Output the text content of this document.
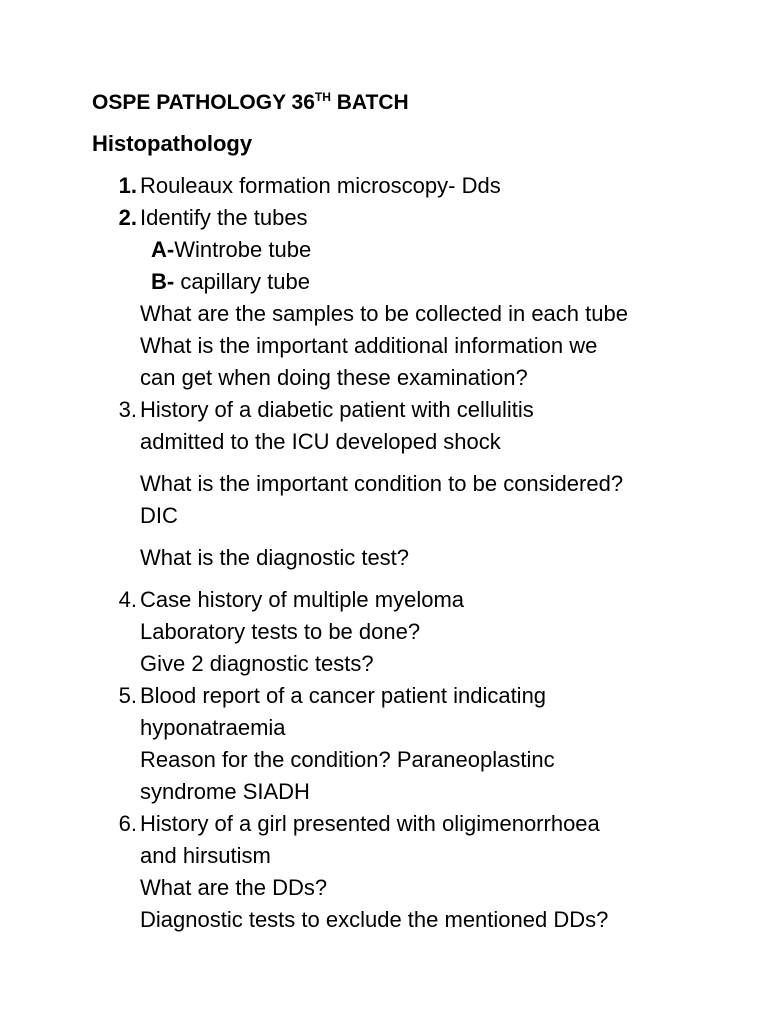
OSPE PATHOLOGY 36TH BATCH
Histopathology
1. Rouleaux formation microscopy- Dds
2. Identify the tubes
A-Wintrobe tube
B- capillary tube
What are the samples to be collected in each tube
What is the important additional information we
can get when doing these examination?
3. History of a diabetic patient with cellulitis
admitted to the ICU developed shock
What is the important condition to be considered?
DIC
What is the diagnostic test?
4. Case history of multiple myeloma
Laboratory tests to be done?
Give 2 diagnostic tests?
5. Blood report of a cancer patient indicating
hyponatraemia
Reason for the condition? Paraneoplastinc
syndrome SIADH
6. History of a girl presented with oligimenorrhoea
and hirsutism
What are the DDs?
Diagnostic tests to exclude the mentioned DDs?
